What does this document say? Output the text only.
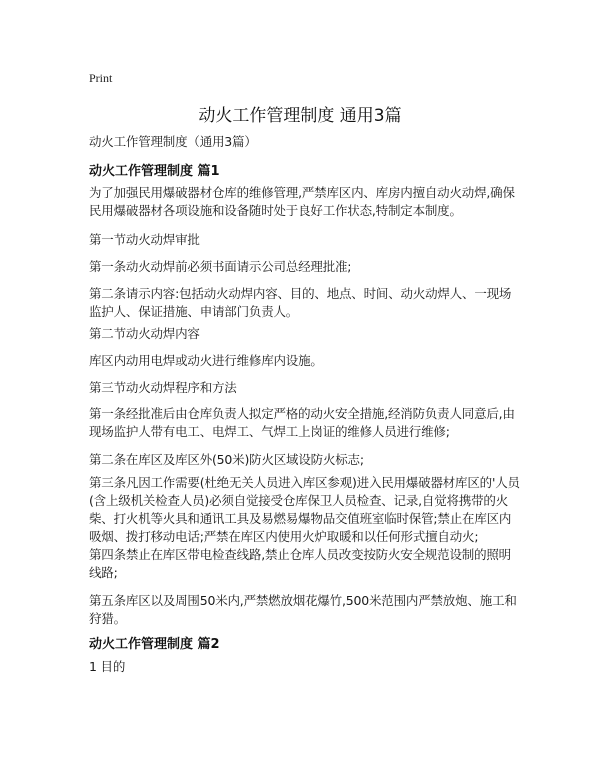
Print
动火工作管理制度 通用3篇
动火工作管理制度（通用3篇）
动火工作管理制度 篇1
为了加强民用爆破器材仓库的维修管理,严禁库区内、库房内擅自动火动焊,确保民用爆破器材各项设施和设备随时处于良好工作状态,特制定本制度。
第一节动火动焊审批
第一条动火动焊前必须书面请示公司总经理批准;
第二条请示内容:包括动火动焊内容、目的、地点、时间、动火动焊人、一现场监护人、保证措施、申请部门负责人。
第二节动火动焊内容
库区内动用电焊或动火进行维修库内设施。
第三节动火动焊程序和方法
第一条经批准后由仓库负责人拟定严格的动火安全措施,经消防负责人同意后,由现场监护人带有电工、电焊工、气焊工上岗证的维修人员进行维修;
第二条在库区及库区外(50米)防火区域设防火标志;
第三条凡因工作需要(杜绝无关人员进入库区参观)进入民用爆破器材库区的'人员(含上级机关检查人员)必须自觉接受仓库保卫人员检查、记录,自觉将携带的火柴、打火机等火具和通讯工具及易燃易爆物品交值班室临时保管;禁止在库区内吸烟、拨打移动电话;严禁在库区内使用火炉取暖和以任何形式擅自动火;
第四条禁止在库区带电检查线路,禁止仓库人员改变按防火安全规范设制的照明线路;
第五条库区以及周围50米内,严禁燃放烟花爆竹,500米范围内严禁放炮、施工和狩猎。
动火工作管理制度 篇2
1 目的
